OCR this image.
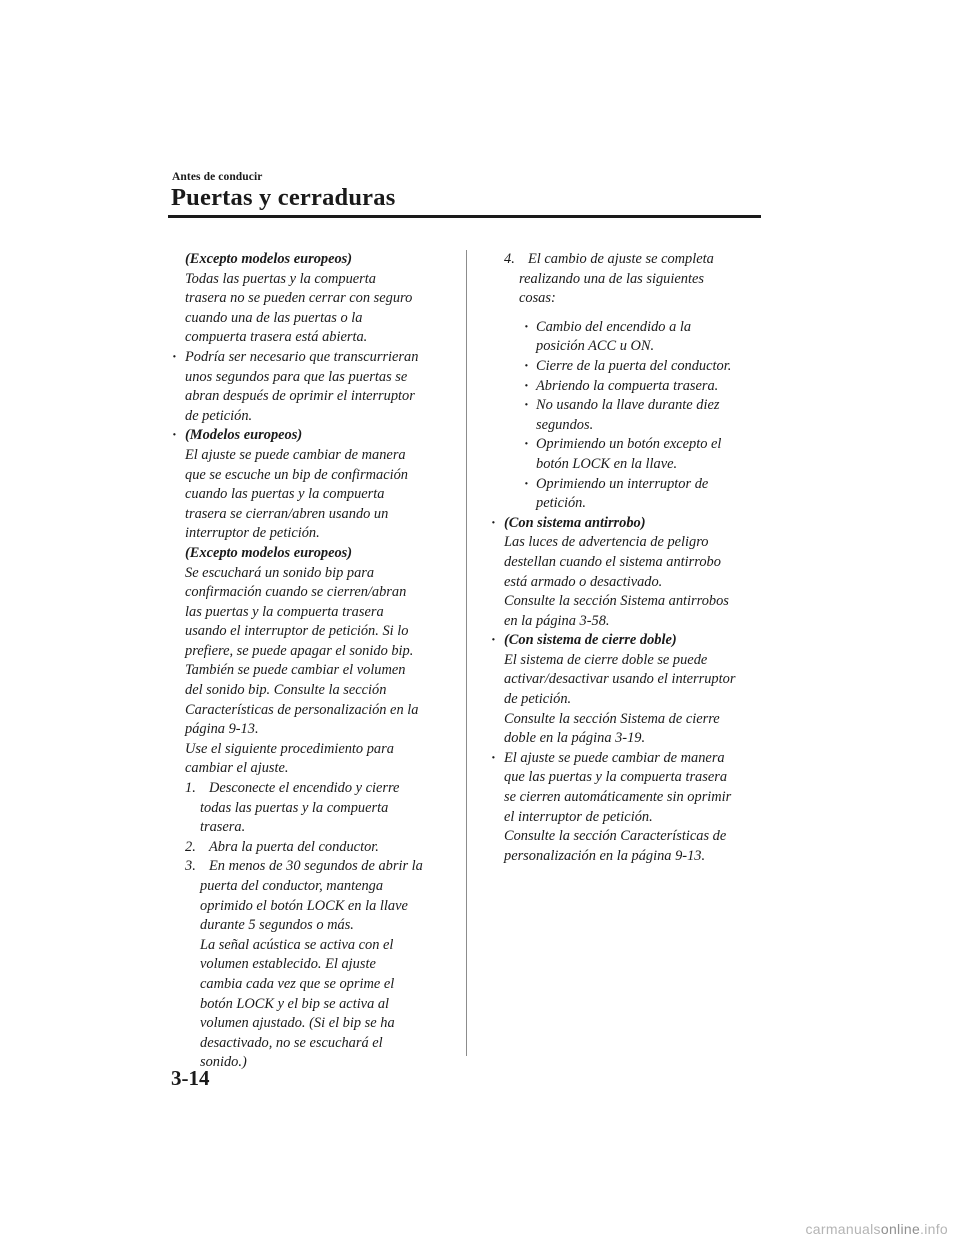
Antes de conducir
Puertas y cerraduras
(Excepto modelos europeos)
Todas las puertas y la compuerta
trasera no se pueden cerrar con seguro
cuando una de las puertas o la
compuerta trasera está abierta.
· Podría ser necesario que transcurrieran
unos segundos para que las puertas se
abran después de oprimir el interruptor
de petición.
· (Modelos europeos)
El ajuste se puede cambiar de manera
que se escuche un bip de confirmación
cuando las puertas y la compuerta
trasera se cierran/abren usando un
interruptor de petición.
(Excepto modelos europeos)
Se escuchará un sonido bip para
confirmación cuando se cierren/abran
las puertas y la compuerta trasera
usando el interruptor de petición. Si lo
prefiere, se puede apagar el sonido bip.
También se puede cambiar el volumen
del sonido bip. Consulte la sección
Características de personalización en la
página 9-13.
Use el siguiente procedimiento para
cambiar el ajuste.
1. Desconecte el encendido y cierre
todas las puertas y la compuerta
trasera.
2. Abra la puerta del conductor.
3. En menos de 30 segundos de abrir la
puerta del conductor, mantenga
oprimido el botón LOCK en la llave
durante 5 segundos o más.
La señal acústica se activa con el
volumen establecido. El ajuste
cambia cada vez que se oprime el
botón LOCK y el bip se activa al
volumen ajustado. (Si el bip se ha
desactivado, no se escuchará el
sonido.)
4. El cambio de ajuste se completa
realizando una de las siguientes
cosas:
· Cambio del encendido a la
posición ACC u ON.
· Cierre de la puerta del conductor.
· Abriendo la compuerta trasera.
· No usando la llave durante diez
segundos.
· Oprimiendo un botón excepto el
botón LOCK en la llave.
· Oprimiendo un interruptor de
petición.
· (Con sistema antirrobo)
Las luces de advertencia de peligro
destellan cuando el sistema antirrobo
está armado o desactivado.
Consulte la sección Sistema antirrobos
en la página 3-58.
· (Con sistema de cierre doble)
El sistema de cierre doble se puede
activar/desactivar usando el interruptor
de petición.
Consulte la sección Sistema de cierre
doble en la página 3-19.
· El ajuste se puede cambiar de manera
que las puertas y la compuerta trasera
se cierren automáticamente sin oprimir
el interruptor de petición.
Consulte la sección Características de
personalización en la página 9-13.
3-14
carmanualsonline.info
